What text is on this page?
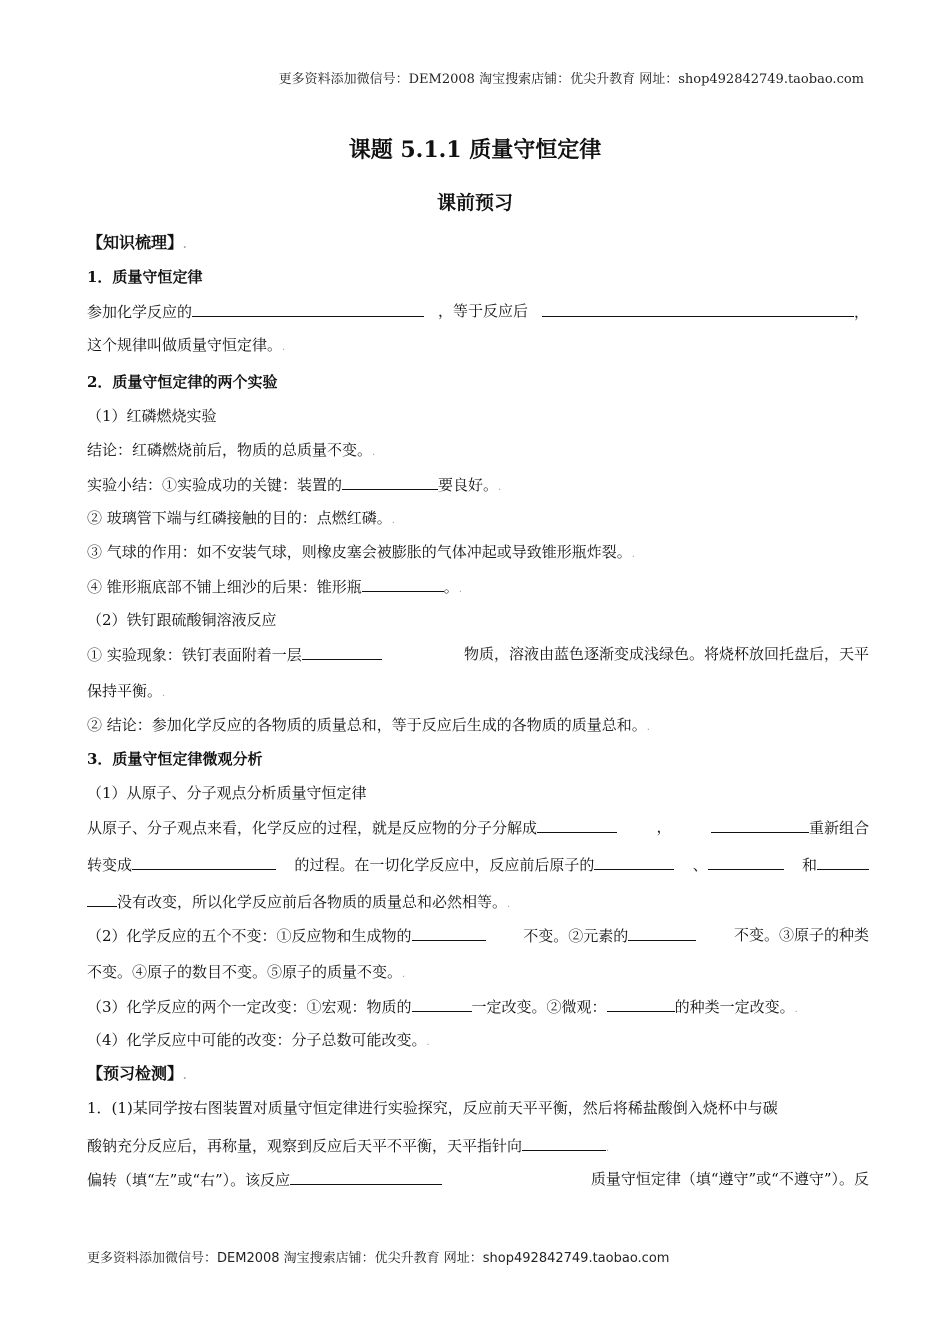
更多资料添加微信号：DEM2008 淘宝搜索店铺：优尖升教育 网址：shop492842749.taobao.com
课题 5.1.1 质量守恒定律
课前预习
【知识梳理】.
1．质量守恒定律
参加化学反应的	，等于反应后	，
这个规律叫做质量守恒定律。.
2．质量守恒定律的两个实验
（1）红磷燃烧实验
结论：红磷燃烧前后，物质的总质量不变。.
实验小结：①实验成功的关键：装置的	要良好。.
② 玻璃管下端与红磷接触的目的：点燃红磷。.
③ 气球的作用：如不安装气球，则橡皮塞会被膨胀的气体冲起或导致锥形瓶炸裂。.
④ 锥形瓶底部不铺上细沙的后果：锥形瓶	。.
（2）铁钉跟硫酸铜溶液反应
① 实验现象：铁钉表面附着一层	物质，溶液由蓝色逐渐变成浅绿色。将烧杯放回托盘后，天平
保持平衡。.
② 结论：参加化学反应的各物质的质量总和，等于反应后生成的各物质的质量总和。.
3．质量守恒定律微观分析
（1）从原子、分子观点分析质量守恒定律
从原子、分子观点来看，化学反应的过程，就是反应物的分子分解成	，	重新组合
转变成	的过程。在一切化学反应中，反应前后原子的	、	和
没有改变，所以化学反应前后各物质的质量总和必然相等。.
（2）化学反应的五个不变：①反应物和生成物的	不变。②元素的	不变。③原子的种类
不变。④原子的数目不变。⑤原子的质量不变。.
（3）化学反应的两个一定改变：①宏观：物质的	一定改变。②微观：	的种类一定改变。.
（4）化学反应中可能的改变：分子总数可能改变。.
【预习检测】.
1．(1)某同学按右图装置对质量守恒定律进行实验探究，反应前天平平衡，然后将稀盐酸倒入烧杯中与碳
酸钠充分反应后，再称量，观察到反应后天平不平衡，天平指针向	.
偏转（填“左”或“右”）。该反应	质量守恒定律（填“遵守”或“不遵守”）。反
更多资料添加微信号：DEM2008 淘宝搜索店铺：优尖升教育 网址：shop492842749.taobao.com
